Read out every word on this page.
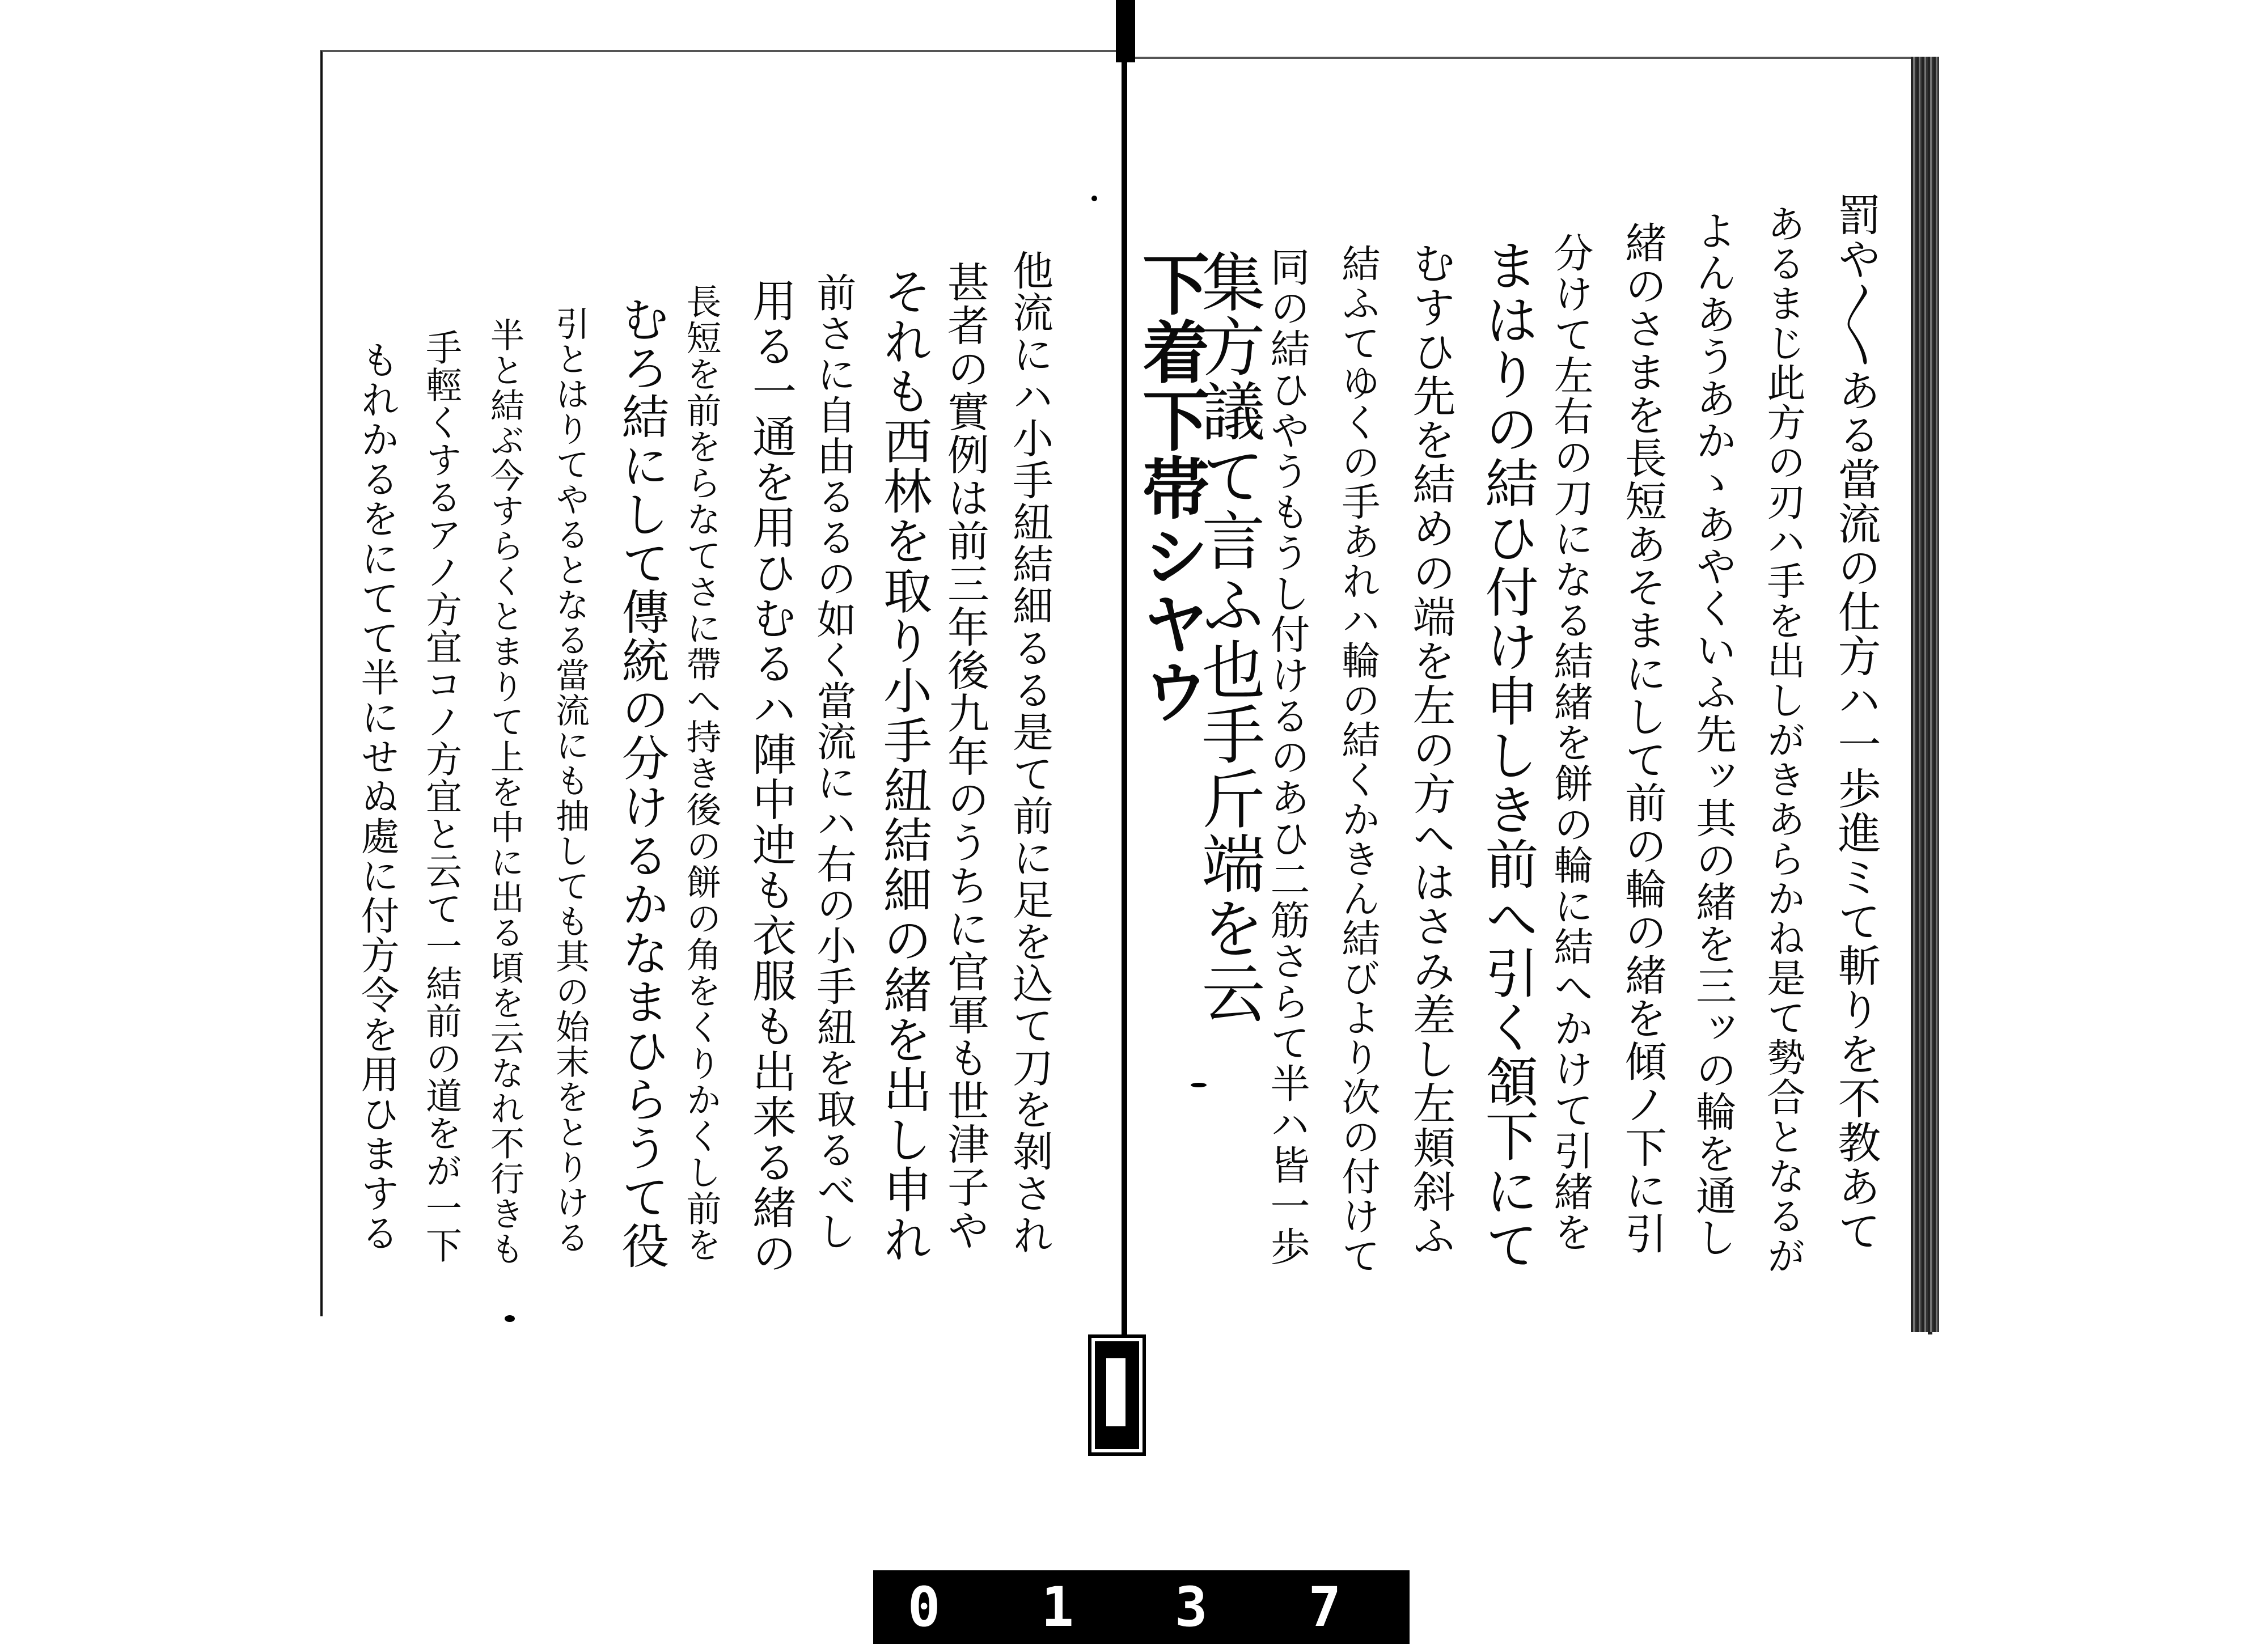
罰や〳〵ある當流の仕方ハ一歩進ミて斬りを不教あて
あるまじ此方の刃ハ手を出しがきあらかね是て勢合となるが
よんあうあかゝあやくいふ先ッ其の緒を三ッの輪を通し
緒のさまを長短あそまにして前の輪の緒を傾ノ下に引
分けて左右の刀になる結緒を餅の輪に結へかけて引緒を
まはりの結ひ付け申しき前へ引く頷下にて
むすひ先を結めの端を左の方へはさみ差し左頬斜ふ
結ふてゆくの手あれハ輪の結くかきん結びより次の付けて
同の結ひやうもうし付けるのあひ二筋さらて半ハ皆一歩
集方議て言ふ也手斤端を云
下着下帯シヤウ
他流にハ小手紐結細るる是て前に足を込て刀を剝され
甚者の實例は前三年後九年のうちに官軍も世津子や
それも西林を取り小手紐結細の緒を出し申れ
前さに自由るるの如く當流にハ右の小手紐を取るべし
用る一通を用ひむるハ陣中迚も衣服も出来る緒の
長短を前をらなてさに帶へ持き後の餅の角をくりかくし前を
むろ結にして傳統の分けるかなまひらうて役
引とはりてやるとなる當流にも抽しても其の始末をとりける
半と結ぶ今すらくとまりて上を中に出る頃を云なれ不行きも
手輕くするアノ方宜コノ方宜と云て一結前の道をが一下
もれかるをにてて半にせぬ處に付方令を用ひまする
0 1 3 7
